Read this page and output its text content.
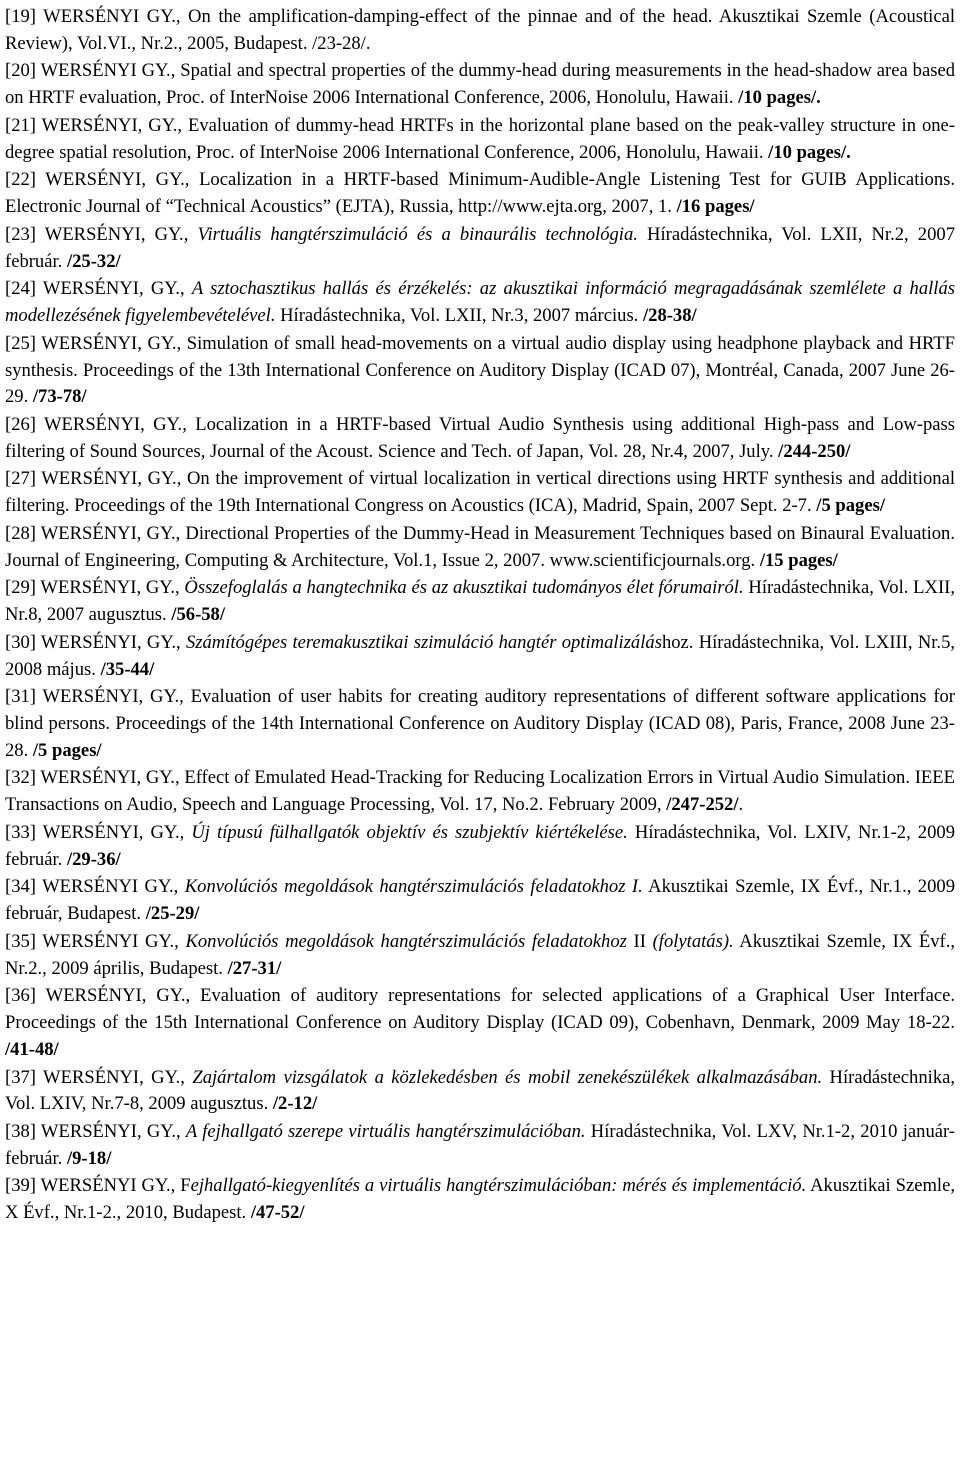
[19] WERSÉNYI GY., On the amplification-damping-effect of the pinnae and of the head. Akusztikai Szemle (Acoustical Review), Vol.VI., Nr.2., 2005, Budapest. /23-28/.

[20] WERSÉNYI GY., Spatial and spectral properties of the dummy-head during measurements in the head-shadow area based on HRTF evaluation, Proc. of InterNoise 2006 International Conference, 2006, Honolulu, Hawaii. /10 pages/.

[21] WERSÉNYI, GY., Evaluation of dummy-head HRTFs in the horizontal plane based on the peak-valley structure in one-degree spatial resolution, Proc. of InterNoise 2006 International Conference, 2006, Honolulu, Hawaii. /10 pages/.

[22] WERSÉNYI, GY., Localization in a HRTF-based Minimum-Audible-Angle Listening Test for GUIB Applications. Electronic Journal of “Technical Acoustics” (EJTA), Russia, http://www.ejta.org, 2007, 1. /16 pages/

[23] WERSÉNYI, GY., Virtuális hangtérszimuláció és a binaurális technológia. Híradástechnika, Vol. LXII, Nr.2, 2007 február. /25-32/

[24] WERSÉNYI, GY., A sztochasztikus hallás és érzékelés: az akusztikai információ megragadásának szemlélete a hallás modellezésének figyelembevételével. Híradástechnika, Vol. LXII, Nr.3, 2007 március. /28-38/

[25] WERSÉNYI, GY., Simulation of small head-movements on a virtual audio display using headphone playback and HRTF synthesis. Proceedings of the 13th International Conference on Auditory Display (ICAD 07), Montréal, Canada, 2007 June 26-29. /73-78/

[26] WERSÉNYI, GY., Localization in a HRTF-based Virtual Audio Synthesis using additional High-pass and Low-pass filtering of Sound Sources, Journal of the Acoust. Science and Tech. of Japan, Vol. 28, Nr.4, 2007, July. /244-250/

[27] WERSÉNYI, GY., On the improvement of virtual localization in vertical directions using HRTF synthesis and additional filtering. Proceedings of the 19th International Congress on Acoustics (ICA), Madrid, Spain, 2007 Sept. 2-7. /5 pages/

[28] WERSÉNYI, GY., Directional Properties of the Dummy-Head in Measurement Techniques based on Binaural Evaluation. Journal of Engineering, Computing & Architecture, Vol.1, Issue 2, 2007. www.scientificjournals.org. /15 pages/

[29] WERSÉNYI, GY., Összefoglalás a hangtechnika és az akusztikai tudományos élet fórumairól. Híradástechnika, Vol. LXII, Nr.8, 2007 augusztus. /56-58/

[30] WERSÉNYI, GY., Számítógépes teremakusztikai szimuláció hangtér optimalizáláshoz. Híradástechnika, Vol. LXIII, Nr.5, 2008 május. /35-44/

[31] WERSÉNYI, GY., Evaluation of user habits for creating auditory representations of different software applications for blind persons. Proceedings of the 14th International Conference on Auditory Display (ICAD 08), Paris, France, 2008 June 23-28. /5 pages/

[32] WERSÉNYI, GY., Effect of Emulated Head-Tracking for Reducing Localization Errors in Virtual Audio Simulation. IEEE Transactions on Audio, Speech and Language Processing, Vol. 17, No.2. February 2009, /247-252/.

[33] WERSÉNYI, GY., Új típusú fülhallgatók objektív és szubjektív kiértékelése. Híradástechnika, Vol. LXIV, Nr.1-2, 2009 február. /29-36/

[34] WERSÉNYI GY., Konvolúciós megoldások hangtérszimulációs feladatokhoz I. Akusztikai Szemle, IX Évf., Nr.1., 2009 február, Budapest. /25-29/

[35] WERSÉNYI GY., Konvolúciós megoldások hangtérszimulációs feladatokhoz II (folytatás). Akusztikai Szemle, IX Évf., Nr.2., 2009 április, Budapest. /27-31/

[36] WERSÉNYI, GY., Evaluation of auditory representations for selected applications of a Graphical User Interface. Proceedings of the 15th International Conference on Auditory Display (ICAD 09), Cobenhavn, Denmark, 2009 May 18-22. /41-48/

[37] WERSÉNYI, GY., Zajártalom vizsgálatok a közlekedésben és mobil zenekészülékek alkalmazásában. Híradástechnika, Vol. LXIV, Nr.7-8, 2009 augusztus. /2-12/

[38] WERSÉNYI, GY., A fejhallgató szerepe virtuális hangtérszimulációban. Híradástechnika, Vol. LXV, Nr.1-2, 2010 január-február. /9-18/

[39] WERSÉNYI GY., Fejhallgató-kiegyenlítés a virtuális hangtérszimulációban: mérés és implementáció. Akusztikai Szemle, X Évf., Nr.1-2., 2010, Budapest. /47-52/
